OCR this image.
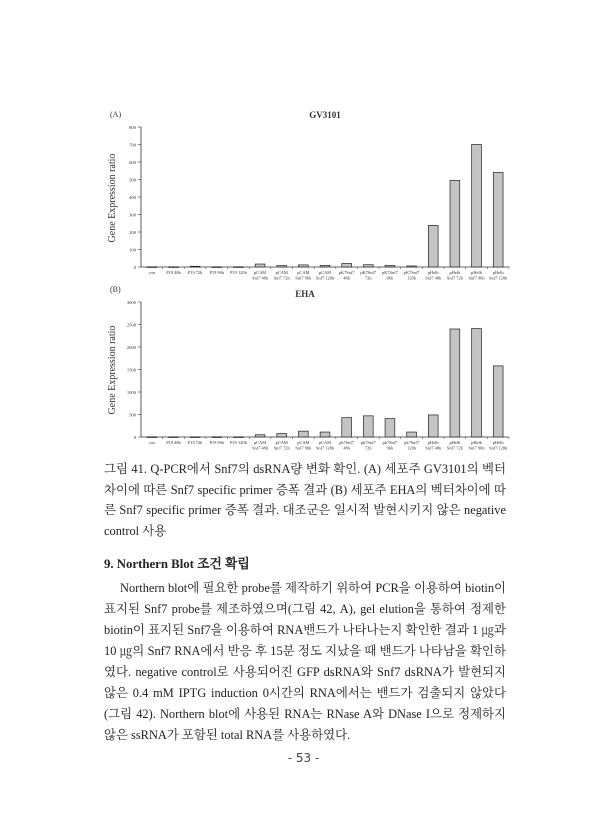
(A)	GV3101
Gene Expression ratio
0
100
200
300
400
500
600
700
800
con	P19 48h P19 72h P19 96h P19 120h pCAM
Snf7 48h
pCAM
Snf7 72h
pCAM
Snf7 96h
pCAM
Snf7 120h
pK7Snf7
48h
pK7Snf7
72h
pK7Snf7
96h
pK7Snf7
120h
pHelb
Snf7 48h
pHelb
Snf7 72h
pHelb
Snf7 96h
pHelb
Snf7 120h
(B)	EHA
Gene Expression ratio
0
500
1000
1500
2000
2500
3000
con	P19 48h P19 72h P19 96h P19 120h pCAM
Snf7 48h
pCAM
Snf7 72h
pCAM
Snf7 96h
pCAM
Snf7 120h
pk7Snf7
48h
pk7Snf7
72h
pk7Snf7
96h
pk7Snf7
120h
pHelb
Snf7 48h
pHelb
Snf7 72h
pHelb
Snf7 96h
pHelb
Snf7 120h
그림 41. Q-PCR에서 Snf7의 dsRNA량 변화 확인. (A) 세포주 GV3101의 벡터차이에 따른 Snf7 specific primer 증폭 결과 (B) 세포주 EHA의 벡터차이에 따른 Snf7 specific primer 증폭 결과. 대조군은 일시적 발현시키지 않은 negative control 사용
9. Northern Blot 조건 확립
Northern blot에 필요한 probe를 제작하기 위하여 PCR을 이용하여 biotin이 표지된 Snf7 probe를 제조하였으며(그림 42, A), gel elution을 통하여 정제한 biotin이 표지된 Snf7을 이용하여 RNA밴드가 나타나는지 확인한 결과 1 ㎍과 10 ㎍의 Snf7 RNA에서 반응 후 15분 정도 지났을 때 밴드가 나타남을 확인하였다. negative control로 사용되어진 GFP dsRNA와 Snf7 dsRNA가 발현되지 않은 0.4 mM IPTG induction 0시간의 RNA에서는 밴드가 검출되지 않았다(그림 42). Northern blot에 사용된 RNA는 RNase A와 DNase I으로 정제하지 않은 ssRNA가 포함된 total RNA를 사용하였다.
- 53 -
